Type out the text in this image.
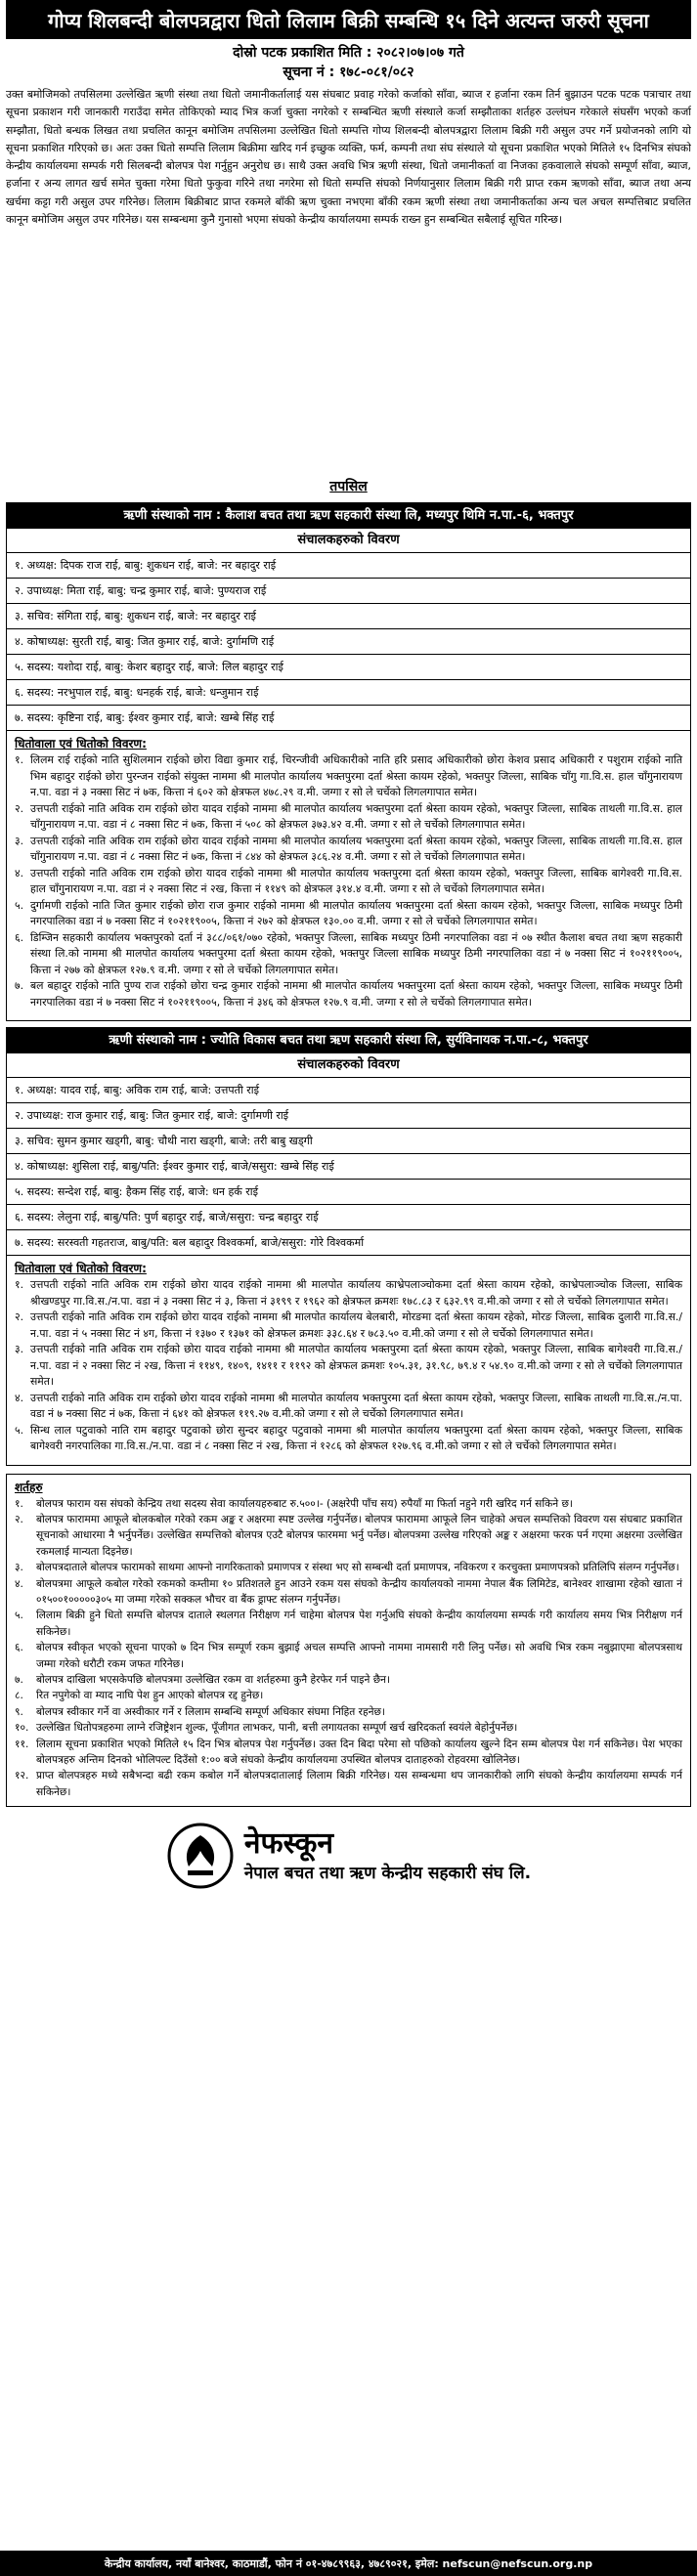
गोप्य शिलबन्दी बोलपत्रद्वारा धितो लिलाम बिक्री सम्बन्धि १५ दिने अत्यन्त जरुरी सूचना
दोस्रो पटक प्रकाशित मिति : २०८२।०७।०७ गते
सूचना नं : १७८-०८१/०८२
उक्त बमोजिमको तपसिलमा उल्लेखित ऋणी संस्था तथा धितो जमानीकर्तालाई यस संघबाट प्रवाह गरेको कर्जाको साँवा, ब्याज र हर्जाना रकम तिर्न बुझाउन पटक पटक पत्राचार तथा सूचना प्रकाशन गरी जानकारी गराउँदा समेत तोकिएको म्याद भित्र कर्जा चुक्ता नगरेको र सम्बन्धित ऋणी संस्थाले कर्जा सम्झौताका शर्तहरु उल्लंघन गरेकाले संघसँग भएको कर्जा सम्झौता, धितो बन्धक लिखत तथा प्रचलित कानून बमोजिम तपसिलमा उल्लेखित धितो सम्पत्ति गोप्य शिलबन्दी बोलपत्रद्वारा लिलाम बिक्री गरी असुल उपर गर्ने प्रयोजनको लागि यो सूचना प्रकाशित गरिएको छ। अतः उक्त धितो सम्पत्ति लिलाम बिक्रीमा खरिद गर्न इच्छुक व्यक्ति, फर्म, कम्पनी तथा संघ संस्थाले यो सूचना प्रकाशित भएको मितिले १५ दिनभित्र संघको केन्द्रीय कार्यालयमा सम्पर्क गरी सिलबन्दी बोलपत्र पेश गर्नुहुन अनुरोध छ। साथै उक्त अवधि भित्र ऋणी संस्था, धितो जमानीकर्ता वा निजका हकवालाले संघको सम्पूर्ण साँवा, ब्याज, हर्जाना र अन्य लागत खर्च समेत चुक्ता गरेमा धितो फुकुवा गरिने तथा नगरेमा सो धितो सम्पत्ति संघको निर्णयानुसार लिलाम बिक्री गरी प्राप्त रकम ऋणको साँवा, ब्याज तथा अन्य खर्चमा कट्टा गरी असुल उपर गरिनेछ। लिलाम बिक्रीबाट प्राप्त रकमले बाँकी ऋण चुक्ता नभएमा बाँकी रकम ऋणी संस्था तथा जमानीकर्ताका अन्य चल अचल सम्पत्तिबाट प्रचलित कानून बमोजिम असुल उपर गरिनेछ। यस सम्बन्धमा कुनै गुनासो भएमा संघको केन्द्रीय कार्यालयमा सम्पर्क राख्न हुन सम्बन्धित सबैलाई सूचित गरिन्छ।
तपसिल
ऋणी संस्थाको नाम : कैलाश बचत तथा ऋण सहकारी संस्था लि, मध्यपुर थिमि न.पा.-६, भक्तपुर
संचालकहरुको विवरण
१. अध्यक्ष: दिपक राज राई, बाबु: शुकधन राई, बाजे: नर बहादुर राई
२. उपाध्यक्ष: मिता राई, बाबु: चन्द्र कुमार राई, बाजे: पुण्यराज राई
३. सचिव: संगिता राई, बाबु: शुकधन राई, बाजे: नर बहादुर राई
४. कोषाध्यक्ष: सुरती राई, बाबु: जित कुमार राई, बाजे: दुर्गामणि राई
५. सदस्य: यशोदा राई, बाबु: केशर बहादुर राई, बाजे: लिल बहादुर राई
६. सदस्य: नरभुपाल राई, बाबु: धनहर्क राई, बाजे: धन्जुमान राई
७. सदस्य: कृष्टिना राई, बाबु: ईश्वर कुमार राई, बाजे: खम्बे सिंह राई
धितोवाला एवं धितोको विवरण:
१. लिलम राई राईको नाति सुशिलमान राईको छोरा विद्या कुमार राई, चिरन्जीवी अधिकारीको नाति हरि प्रसाद अधिकारीको छोरा केशव प्रसाद अधिकारी र पशुराम राईको नाति भिम बहादुर राईको छोरा पुरन्जन राईको संयुक्त नाममा श्री मालपोत कार्यालय भक्तपुरमा दर्ता श्रेस्ता कायम रहेको, भक्तपुर जिल्ला, साबिक चाँगु गा.वि.स. हाल चाँगुनारायण न.पा. वडा नं ३ नक्सा सिट नं ७क, कित्ता नं ६०२ को क्षेत्रफल ४७८.२९ व.मी. जग्गा र सो ले चर्चेको लिगलगापात समेत।
२. उत्तपती राईको नाति अविक राम राईको छोरा यादव राईको नाममा श्री मालपोत कार्यालय भक्तपुरमा दर्ता श्रेस्ता कायम रहेको, भक्तपुर जिल्ला, साबिक ताथली गा.वि.स. हाल चाँगुनारायण न.पा. वडा नं ८ नक्सा सिट नं ७क, कित्ता नं ५०८ को क्षेत्रफल ३७३.४२ व.मी. जग्गा र सो ले चर्चेको लिगलगापात समेत।
३. उत्तपती राईको नाति अविक राम राईको छोरा यादव राईको नाममा श्री मालपोत कार्यालय भक्तपुरमा दर्ता श्रेस्ता कायम रहेको, भक्तपुर जिल्ला, साबिक ताथली गा.वि.स. हाल चाँगुनारायण न.पा. वडा नं ८ नक्सा सिट नं ७क, कित्ता नं ८४४ को क्षेत्रफल ३८६.२४ व.मी. जग्गा र सो ले चर्चेको लिगलगापात समेत।
४. उत्तपती राईको नाति अविक राम राईको छोरा यादव राईको नाममा श्री मालपोत कार्यालय भक्तपुरमा दर्ता श्रेस्ता कायम रहेको, भक्तपुर जिल्ला, साबिक बागेश्वरी गा.वि.स. हाल चाँगुनारायण न.पा. वडा नं २ नक्सा सिट नं २ख, कित्ता नं ११४९ को क्षेत्रफल ३१४.४ व.मी. जग्गा र सो ले चर्चेको लिगलगापात समेत।
५. दुर्गामणी राईको नाति जित कुमार राईको छोरा राज कुमार राईको नाममा श्री मालपोत कार्यालय भक्तपुरमा दर्ता श्रेस्ता कायम रहेको, भक्तपुर जिल्ला, साबिक मध्यपुर ठिमी नगरपालिका वडा नं ७ नक्सा सिट नं १०२११९००५, कित्ता नं २७२ को क्षेत्रफल १३०.०० व.मी. जग्गा र सो ले चर्चेको लिगलगापात समेत।
६. डिम्जिन सहकारी कार्यालय भक्तपुरको दर्ता नं ३८८/०६१/०७० रहेको, भक्तपुर जिल्ला, साबिक मध्यपुर ठिमी नगरपालिका वडा नं ०७ स्थीत कैलाश बचत तथा ऋण सहकारी संस्था लि.को नाममा श्री मालपोत कार्यालय भक्तपुरमा दर्ता श्रेस्ता कायम रहेको, भक्तपुर जिल्ला साबिक मध्यपुर ठिमी नगरपालिका वडा नं ७ नक्सा सिट नं १०२११९००५, कित्ता नं २७७ को क्षेत्रफल १२७.९ व.मी. जग्गा र सो ले चर्चेको लिगलगापात समेत।
७. बल बहादुर राईको नाति पुण्य राज राईको छोरा चन्द्र कुमार राईको नाममा श्री मालपोत कार्यालय भक्तपुरमा दर्ता श्रेस्ता कायम रहेको, भक्तपुर जिल्ला, साबिक मध्यपुर ठिमी नगरपालिका वडा नं ७ नक्सा सिट नं १०२११९००५, कित्ता नं ३४६ को क्षेत्रफल १२७.९ व.मी. जग्गा र सो ले चर्चेको लिगलगापात समेत।
ऋणी संस्थाको नाम : ज्योति विकास बचत तथा ऋण सहकारी संस्था लि, सुर्यविनायक न.पा.-८, भक्तपुर
संचालकहरुको विवरण
१. अध्यक्ष: यादव राई, बाबु: अविक राम राई, बाजे: उत्तपती राई
२. उपाध्यक्ष: राज कुमार राई, बाबु: जित कुमार राई, बाजे: दुर्गामणी राई
३. सचिव: सुमन कुमार खड्गी, बाबु: चौथी नारा खड्गी, बाजे: तरी बाबु खड्गी
४. कोषाध्यक्ष: शुसिला राई, बाबु/पति: ईश्वर कुमार राई, बाजे/ससुरा: खम्बे सिंह राई
५. सदस्य: सन्देश राई, बाबु: हैकम सिंह राई, बाजे: धन हर्क राई
६. सदस्य: लेलुना राई, बाबु/पति: पुर्ण बहादुर राई, बाजे/ससुरा: चन्द्र बहादुर राई
७. सदस्य: सरस्वती गहतराज, बाबु/पति: बल बहादुर विश्वकर्मा, बाजे/ससुरा: गोरे विश्वकर्मा
धितोवाला एवं धितोको विवरण:
१. उत्तपती राईको नाति अविक राम राईको छोरा यादव राईको नाममा श्री मालपोत कार्यालय काभ्रेपलाञ्चोकमा दर्ता श्रेस्ता कायम रहेको, काभ्रेपलाञ्चोक जिल्ला, साबिक श्रीखण्डपुर गा.वि.स./न.पा. वडा नं ३ नक्सा सिट नं ३, कित्ता नं ३१९९ र १९६२ को क्षेत्रफल क्रमशः १७८.८३ र ६३२.९९ व.मी.को जग्गा र सो ले चर्चेको लिगलगापात समेत।
२. उत्तपती राईको नाति अविक राम राईको छोरा यादव राईको नाममा श्री मालपोत कार्यालय बेलबारी, मोरङमा दर्ता श्रेस्ता कायम रहेको, मोरङ जिल्ला, साबिक दुलारी गा.वि.स./न.पा. वडा नं ५ नक्सा सिट नं ४ग, कित्ता नं १३७० र १३७१ को क्षेत्रफल क्रमशः ३३८.६४ र ७८३.५० व.मी.को जग्गा र सो ले चर्चेको लिगलगापात समेत।
३. उत्तपती राईको नाति अविक राम राईको छोरा यादव राईको नाममा श्री मालपोत कार्यालय भक्तपुरमा दर्ता श्रेस्ता कायम रहेको, भक्तपुर जिल्ला, साबिक बागेश्वरी गा.वि.स./न.पा. वडा नं २ नक्सा सिट नं २ख, कित्ता नं ११४९, १४०९, १४११ र ११९२ को क्षेत्रफल क्रमशः १०५.३१, ३१.९८, ७९.४ र ५४.९० व.मी.को जग्गा र सो ले चर्चेको लिगलगापात समेत।
४. उत्तपती राईको नाति अविक राम राईको छोरा यादव राईको नाममा श्री मालपोत कार्यालय भक्तपुरमा दर्ता श्रेस्ता कायम रहेको, भक्तपुर जिल्ला, साबिक ताथली गा.वि.स./न.पा. वडा नं ७ नक्सा सिट नं ७क, कित्ता नं ६४१ को क्षेत्रफल ११९.२७ व.मी.को जग्गा र सो ले चर्चेको लिगलगापात समेत।
५. सिन्ध लाल पटुवाको नाति राम बहादुर पटुवाको छोरा सुन्दर बहादुर पटुवाको नाममा श्री मालपोत कार्यालय भक्तपुरमा दर्ता श्रेस्ता कायम रहेको, भक्तपुर जिल्ला, साबिक बागेश्वरी नगरपालिका गा.वि.स./न.पा. वडा नं ८ नक्सा सिट नं २ख, कित्ता नं १२८६ को क्षेत्रफल १२७.९६ व.मी.को जग्गा र सो ले चर्चेको लिगलगापात समेत।
शर्तहरु
१.	बोलपत्र फाराम यस संघको केन्द्रिय तथा सदस्य सेवा कार्यालयहरुबाट रु.५००।- (अक्षरेपी पाँच सय) रुपैयाँ मा फिर्ता नहुने गरी खरिद गर्न सकिने छ।
२.	बोलपत्र फाराममा आफूले बोलकबोल गरेको रकम अङ्क र अक्षरमा स्पष्ट उल्लेख गर्नुपर्नेछ। बोलपत्र फाराममा आफूले लिन चाहेको अचल सम्पत्तिको विवरण यस संघबाट प्रकाशित सूचनाको आधारमा नै भर्नुपर्नेछ। उल्लेखित सम्पत्तिको बोलपत्र एउटै बोलपत्र फारममा भर्नु पर्नेछ। बोलपत्रमा उल्लेख गरिएको अङ्क र अक्षरमा फरक पर्न गएमा अक्षरमा उल्लेखित रकमलाई मान्यता दिइनेछ।
३.	बोलपत्रदाताले बोलपत्र फारामको साथमा आफ्नो नागरिकताको प्रमाणपत्र र संस्था भए सो सम्बन्धी दर्ता प्रमाणपत्र, नविकरण र करचुक्ता प्रमाणपत्रको प्रतिलिपि संलग्न गर्नुपर्नेछ।
४.	बोलपत्रमा आफूले कबोल गरेको रकमको कम्तीमा १० प्रतिशतले हुन आउने रकम यस संघको केन्द्रीय कार्यालयको नाममा नेपाल बैंक लिमिटेड, बानेश्वर शाखामा रहेको खाता नं ०१५००१०००००३०५ मा जम्मा गरेको सक्कल भौचर वा बैंक ड्राफ्ट संलग्न गर्नुपर्नेछ।
५.	लिलाम बिक्री हुने धितो सम्पत्ति बोलपत्र दाताले स्थलगत निरीक्षण गर्न चाहेमा बोलपत्र पेश गर्नुअघि संघको केन्द्रीय कार्यालयमा सम्पर्क गरी कार्यालय समय भित्र निरीक्षण गर्न सकिनेछ।
६.	बोलपत्र स्वीकृत भएको सूचना पाएको ७ दिन भित्र सम्पूर्ण रकम बुझाई अचल सम्पत्ति आफ्नो नाममा नामसारी गरी लिनु पर्नेछ। सो अवधि भित्र रकम नबुझाएमा बोलपत्रसाथ जम्मा गरेको धरौटी रकम जफत गरिनेछ।
७.	बोलपत्र दाखिला भएसकेपछि बोलपत्रमा उल्लेखित रकम वा शर्तहरुमा कुनै हेरफेर गर्न पाइने छैन।
८.	रित नपुगेको वा म्याद नाघि पेश हुन आएको बोलपत्र रद्द हुनेछ।
९.	बोलपत्र स्वीकार गर्ने वा अस्वीकार गर्ने र लिलाम सम्बन्धि सम्पूर्ण अधिकार संघमा निहित रहनेछ।
१०. उल्लेखित धितोपत्रहरुमा लाग्ने रजिष्ट्रेशन शुल्क, पूँजीगत लाभकर, पानी, बत्ती लगायतका सम्पूर्ण खर्च खरिदकर्ता स्वयंले बेहोर्नुपर्नेछ।
११. लिलाम सूचना प्रकाशित भएको मितिले १५ दिन भित्र बोलपत्र पेश गर्नुपर्नेछ। उक्त दिन बिदा परेमा सो पछिको कार्यालय खुल्ने दिन सम्म बोलपत्र पेश गर्न सकिनेछ। पेश भएका बोलपत्रहरु अन्तिम दिनको भोलिपल्ट दिउँसो १:०० बजे संघको केन्द्रीय कार्यालयमा उपस्थित बोलपत्र दाताहरुको रोहवरमा खोलिनेछ।
१२. प्राप्त बोलपत्रहरु मध्ये सबैभन्दा बढी रकम कबोल गर्ने बोलपत्रदातालाई लिलाम बिक्री गरिनेछ। यस सम्बन्धमा थप जानकारीको लागि संघको केन्द्रीय कार्यालयमा सम्पर्क गर्न सकिनेछ।
नेफस्कून
नेपाल बचत तथा ऋण केन्द्रीय सहकारी संघ लि.
केन्द्रीय कार्यालय, नयाँ बानेश्वर, काठमाडौं, फोन नं ०१-४७८९९६३, ४७८९०२१, इमेल: nefscun@nefscun.org.np
